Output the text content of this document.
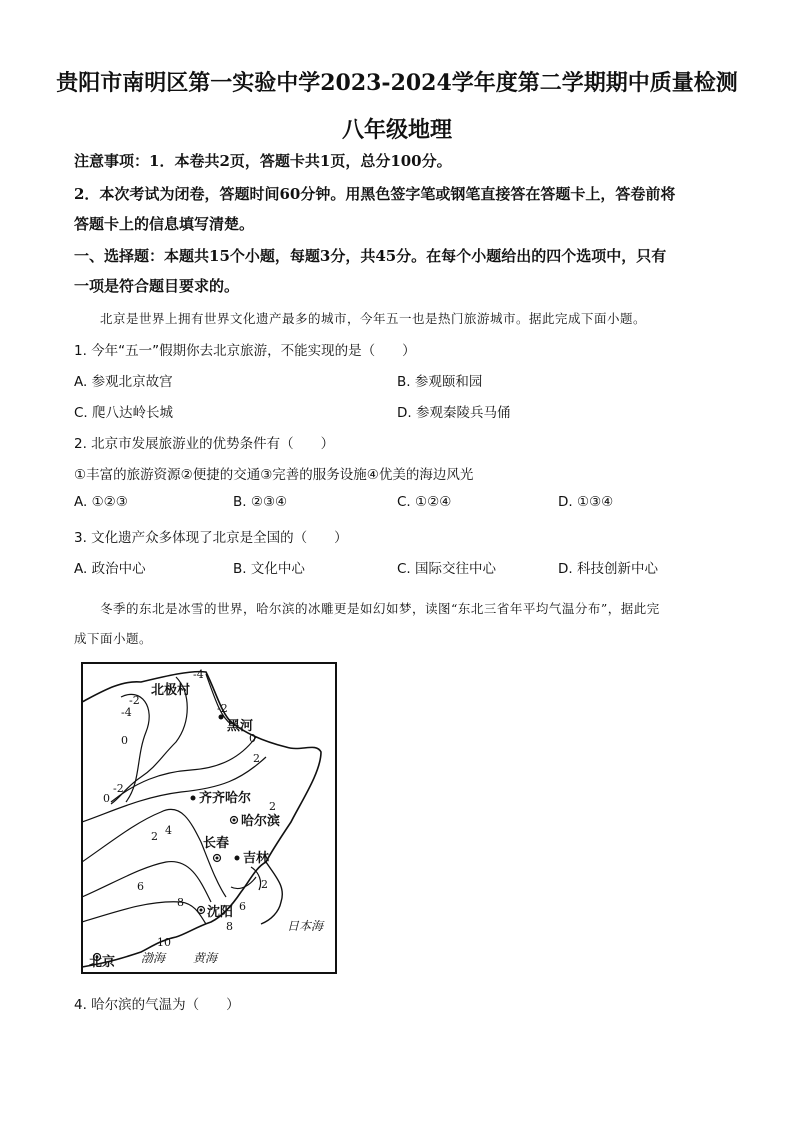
贵阳市南明区第一实验中学2023-2024学年度第二学期期中质量检测
八年级地理
注意事项：1．本卷共2页，答题卡共1页，总分100分。
2．本次考试为闭卷，答题时间60分钟。用黑色签字笔或钢笔直接答在答题卡上，答卷前将
答题卡上的信息填写清楚。
一、选择题：本题共15个小题，每题3分，共45分。在每个小题给出的四个选项中，只有
一项是符合题目要求的。
北京是世界上拥有世界文化遗产最多的城市，今年五一也是热门旅游城市。据此完成下面小题。
1. 今年“五一”假期你去北京旅游，不能实现的是（　　）
A. 参观北京故宫	B. 参观颐和园
C. 爬八达岭长城	D. 参观秦陵兵马俑
2. 北京市发展旅游业的优势条件有（　　）
①丰富的旅游资源②便捷的交通③完善的服务设施④优美的海边风光
A. ①②③	B. ②③④	C. ①②④	D. ①③④
3. 文化遗产众多体现了北京是全国的（　　）
A. 政治中心	B. 文化中心	C. 国际交往中心	D. 科技创新中心
冬季的东北是冰雪的世界，哈尔滨的冰雕更是如幻如梦，读图“东北三省年平均气温分布”，据此完
成下面小题。
-4
-2
-4	-2
0	0
-2
0
2
2
4
2
6
8	6
8
10
2
北极村
黑河
齐齐哈尔
哈尔滨
长春
吉林
沈阳
北京
日本海
渤海 黄海
4. 哈尔滨的气温为（　　）
